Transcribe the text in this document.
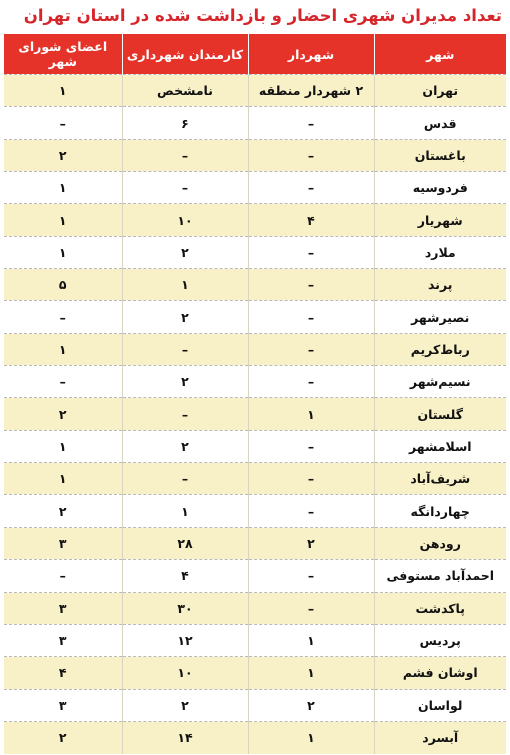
تعداد مدیران شهری احضار و بازداشت شده در استان تهران
شهر	شهردار	کارمندان شهرداری	اعضای شورای شهر
تهران	۲ شهردار منطقه	نامشخص	۱
قدس	–	۶	–
باغستان	–	–	۲
فردوسیه	–	–	۱
شهریار	۴	۱۰	۱
ملارد	–	۲	۱
پرند	–	۱	۵
نصیرشهر	–	۲	–
رباط‌کریم	–	–	۱
نسیم‌شهر	–	۲	–
گلستان	۱	–	۲
اسلامشهر	–	۲	۱
شریف‌آباد	–	–	۱
چهاردانگه	–	۱	۲
رودهن	۲	۲۸	۳
احمدآباد مستوفی	–	۴	–
پاکدشت	–	۳۰	۳
پردیس	۱	۱۲	۳
اوشان فشم	۱	۱۰	۴
لواسان	۲	۲	۳
آبسرد	۱	۱۴	۲
